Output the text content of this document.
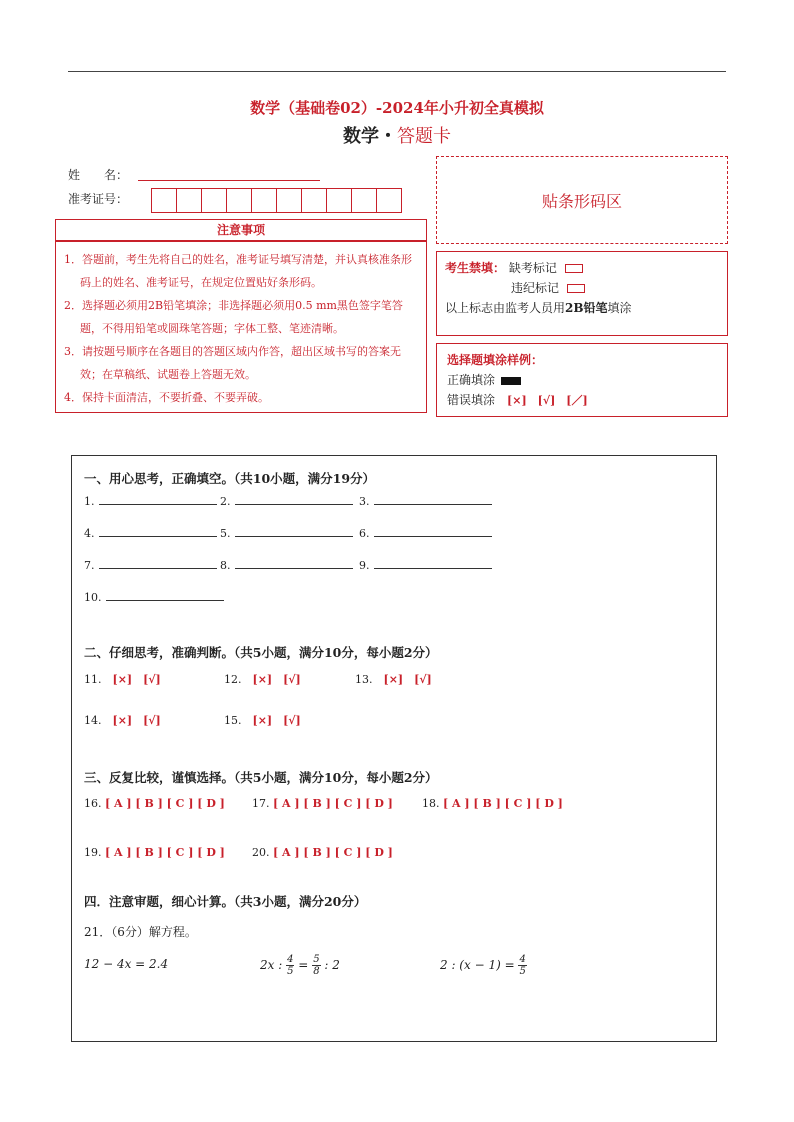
数学（基础卷02）-2024年小升初全真模拟
数学・答题卡
姓　　名：
准考证号：	贴条形码区
注意事项
1．答题前，考生先将自己的姓名，准考证号填写清楚，并认真核准条形码上的姓名、准考证号，在规定位置贴好条形码。
2．选择题必须用2B铅笔填涂；非选择题必须用0.5 mm黑色签字笔答题，不得用铅笔或圆珠笔答题；字体工整、笔迹清晰。
3．请按题号顺序在各题目的答题区域内作答，超出区域书写的答案无效；在草稿纸、试题卷上答题无效。
4．保持卡面清洁，不要折叠、不要弄破。
考生禁填： 缺考标记
违纪标记
以上标志由监考人员用2B铅笔填涂
选择题填涂样例：
正确填涂
错误填涂　 [×]　[√]　[／]
一、用心思考，正确填空。（共10小题，满分19分）
1.	2.	3.
4.	5.	6.
7.	8.	9.
10.
二、仔细思考，准确判断。（共5小题，满分10分，每小题2分）
11.　 [×]　[√]	12.　 [×]　[√]	13.　 [×]　[√]
14.　 [×]　[√]	15.　 [×]　[√]
三、反复比较，谨慎选择。（共5小题，满分10分，每小题2分）
16. [ A ] [ B ] [ C ] [ D ] 17. [ A ] [ B ] [ C ] [ D ]	18. [ A ] [ B ] [ C ] [ D ]
19. [ A ] [ B ] [ C ] [ D ] 20. [ A ] [ B ] [ C ] [ D ]
四．注意审题，细心计算。（共3小题，满分20分）
21．（6分）解方程。
12 − 4x = 2.4	2x : $\frac{4}{5} = \frac{5}{8}$ : 2	2 : $(x - 1) = \frac{4}{5}$
